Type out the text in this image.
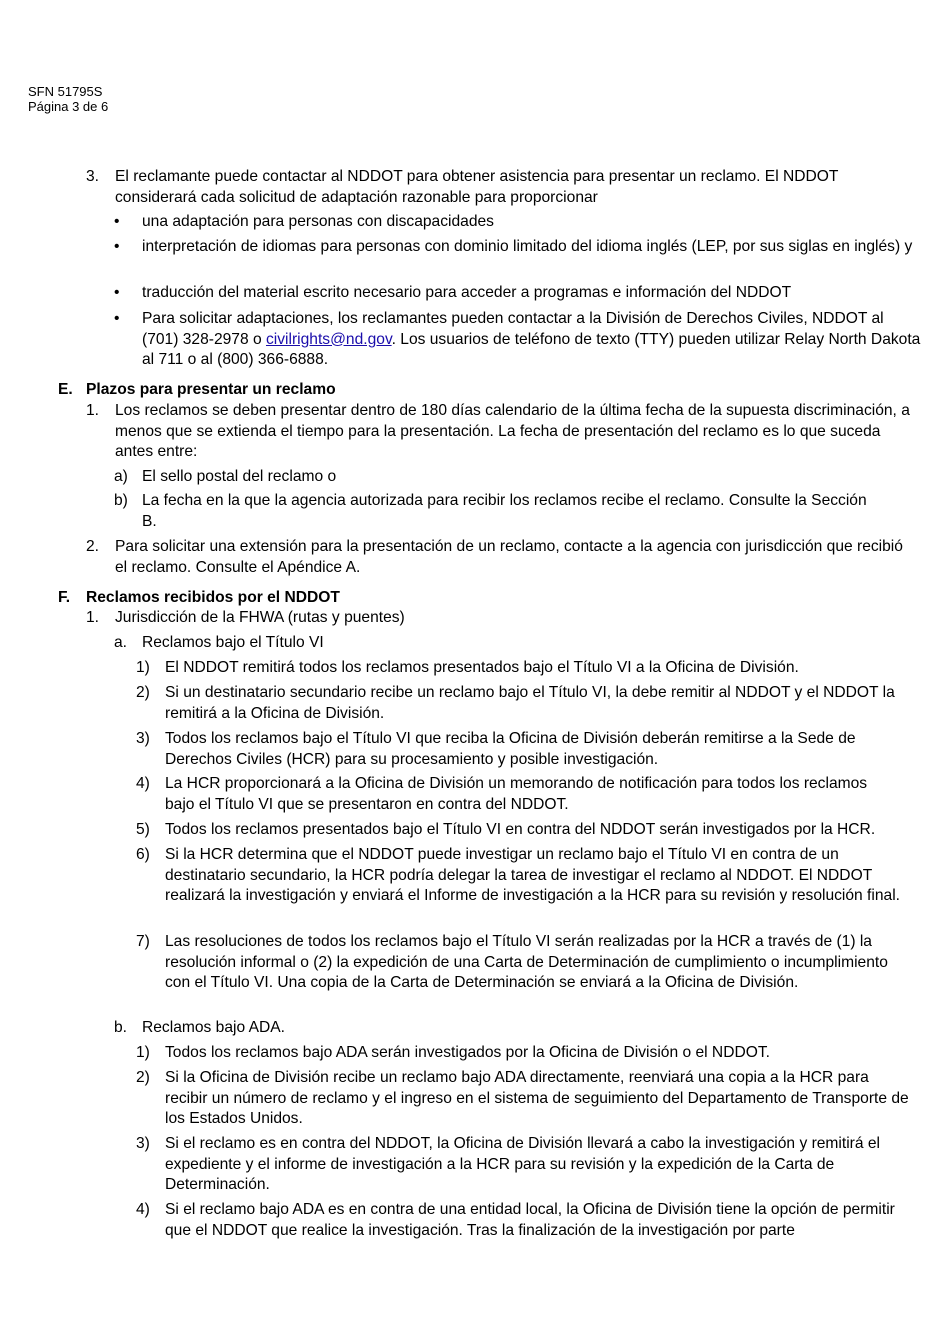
SFN 51795S
Página 3 de 6
3.	El reclamante puede contactar al NDDOT para obtener asistencia para presentar un reclamo. El NDDOT considerará cada solicitud de adaptación razonable para proporcionar
•	una adaptación para personas con discapacidades
•	interpretación de idiomas para personas con dominio limitado del idioma inglés (LEP, por sus siglas en inglés) y
•	traducción del material escrito necesario para acceder a programas e información del NDDOT
•	Para solicitar adaptaciones, los reclamantes pueden contactar a la División de Derechos Civiles, NDDOT al (701) 328-2978 o civilrights@nd.gov. Los usuarios de teléfono de texto (TTY) pueden utilizar Relay North Dakota al 711 o al (800) 366-6888.
E. Plazos para presentar un reclamo
1.	Los reclamos se deben presentar dentro de 180 días calendario de la última fecha de la supuesta discriminación, a menos que se extienda el tiempo para la presentación. La fecha de presentación del reclamo es lo que suceda antes entre:
a) El sello postal del reclamo o
b) La fecha en la que la agencia autorizada para recibir los reclamos recibe el reclamo. Consulte la Sección B.
2.	Para solicitar una extensión para la presentación de un reclamo, contacte a la agencia con jurisdicción que recibió el reclamo. Consulte el Apéndice A.
F.	Reclamos recibidos por el NDDOT
1.	Jurisdicción de la FHWA (rutas y puentes)
a. Reclamos bajo el Título VI
1) El NDDOT remitirá todos los reclamos presentados bajo el Título VI a la Oficina de División.
2) Si un destinatario secundario recibe un reclamo bajo el Título VI, la debe remitir al NDDOT y el NDDOT la remitirá a la Oficina de División.
3) Todos los reclamos bajo el Título VI que reciba la Oficina de División deberán remitirse a la Sede de Derechos Civiles (HCR) para su procesamiento y posible investigación.
4) La HCR proporcionará a la Oficina de División un memorando de notificación para todos los reclamos bajo el Título VI que se presentaron en contra del NDDOT.
5) Todos los reclamos presentados bajo el Título VI en contra del NDDOT serán investigados por la HCR.
6) Si la HCR determina que el NDDOT puede investigar un reclamo bajo el Título VI en contra de un destinatario secundario, la HCR podría delegar la tarea de investigar el reclamo al NDDOT. El NDDOT realizará la investigación y enviará el Informe de investigación a la HCR para su revisión y resolución final.
7) Las resoluciones de todos los reclamos bajo el Título VI serán realizadas por la HCR a través de (1) la resolución informal o (2) la expedición de una Carta de Determinación de cumplimiento o incumplimiento con el Título VI. Una copia de la Carta de Determinación se enviará a la Oficina de División.
b. Reclamos bajo ADA.
1) Todos los reclamos bajo ADA serán investigados por la Oficina de División o el NDDOT.
2) Si la Oficina de División recibe un reclamo bajo ADA directamente, reenviará una copia a la HCR para recibir un número de reclamo y el ingreso en el sistema de seguimiento del Departamento de Transporte de los Estados Unidos.
3) Si el reclamo es en contra del NDDOT, la Oficina de División llevará a cabo la investigación y remitirá el expediente y el informe de investigación a la HCR para su revisión y la expedición de la Carta de Determinación.
4) Si el reclamo bajo ADA es en contra de una entidad local, la Oficina de División tiene la opción de permitir que el NDDOT que realice la investigación. Tras la finalización de la investigación por parte
